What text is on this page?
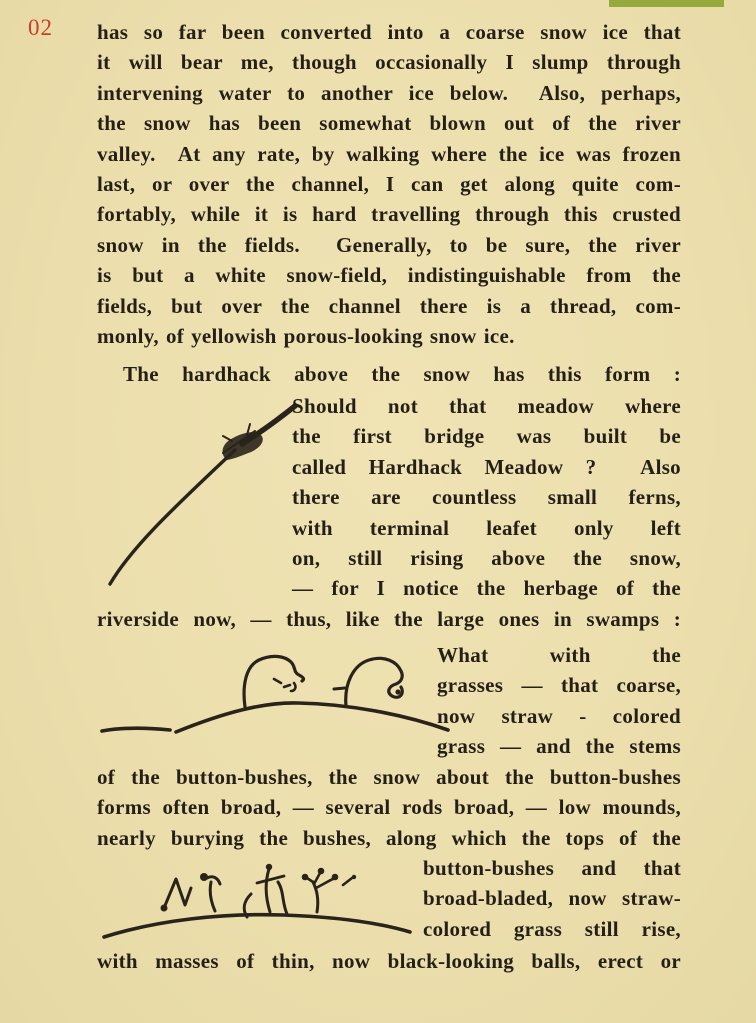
02 has so far been converted into a coarse snow ice that
it will bear me, though occasionally I slump through
intervening water to another ice below.  Also, perhaps,
the snow has been somewhat blown out of the river
valley.  At any rate, by walking where the ice was frozen
last, or over the channel, I can get along quite com-
fortably, while it is hard travelling through this crusted
snow in the fields.  Generally, to be sure, the river
is but a white snow-field, indistinguishable from the
fields, but over the channel there is a thread, com-
monly, of yellowish porous-looking snow ice.
The hardhack above the snow has this form :
Should not that meadow where
the first bridge was built be
called Hardhack Meadow ?  Also
there are countless small ferns,
with terminal leafet only left
on, still rising above the snow,
— for I notice the herbage of the
riverside now, — thus, like the large ones in swamps :
What with the
grasses — that coarse,
now straw - colored
grass — and the stems
of the button-bushes, the snow about the button-bushes
forms often broad, — several rods broad, — low mounds,
nearly burying the bushes, along which the tops of the
button-bushes and that
broad-bladed, now straw-
colored grass still rise,
with masses of thin, now black-looking balls, erect or
